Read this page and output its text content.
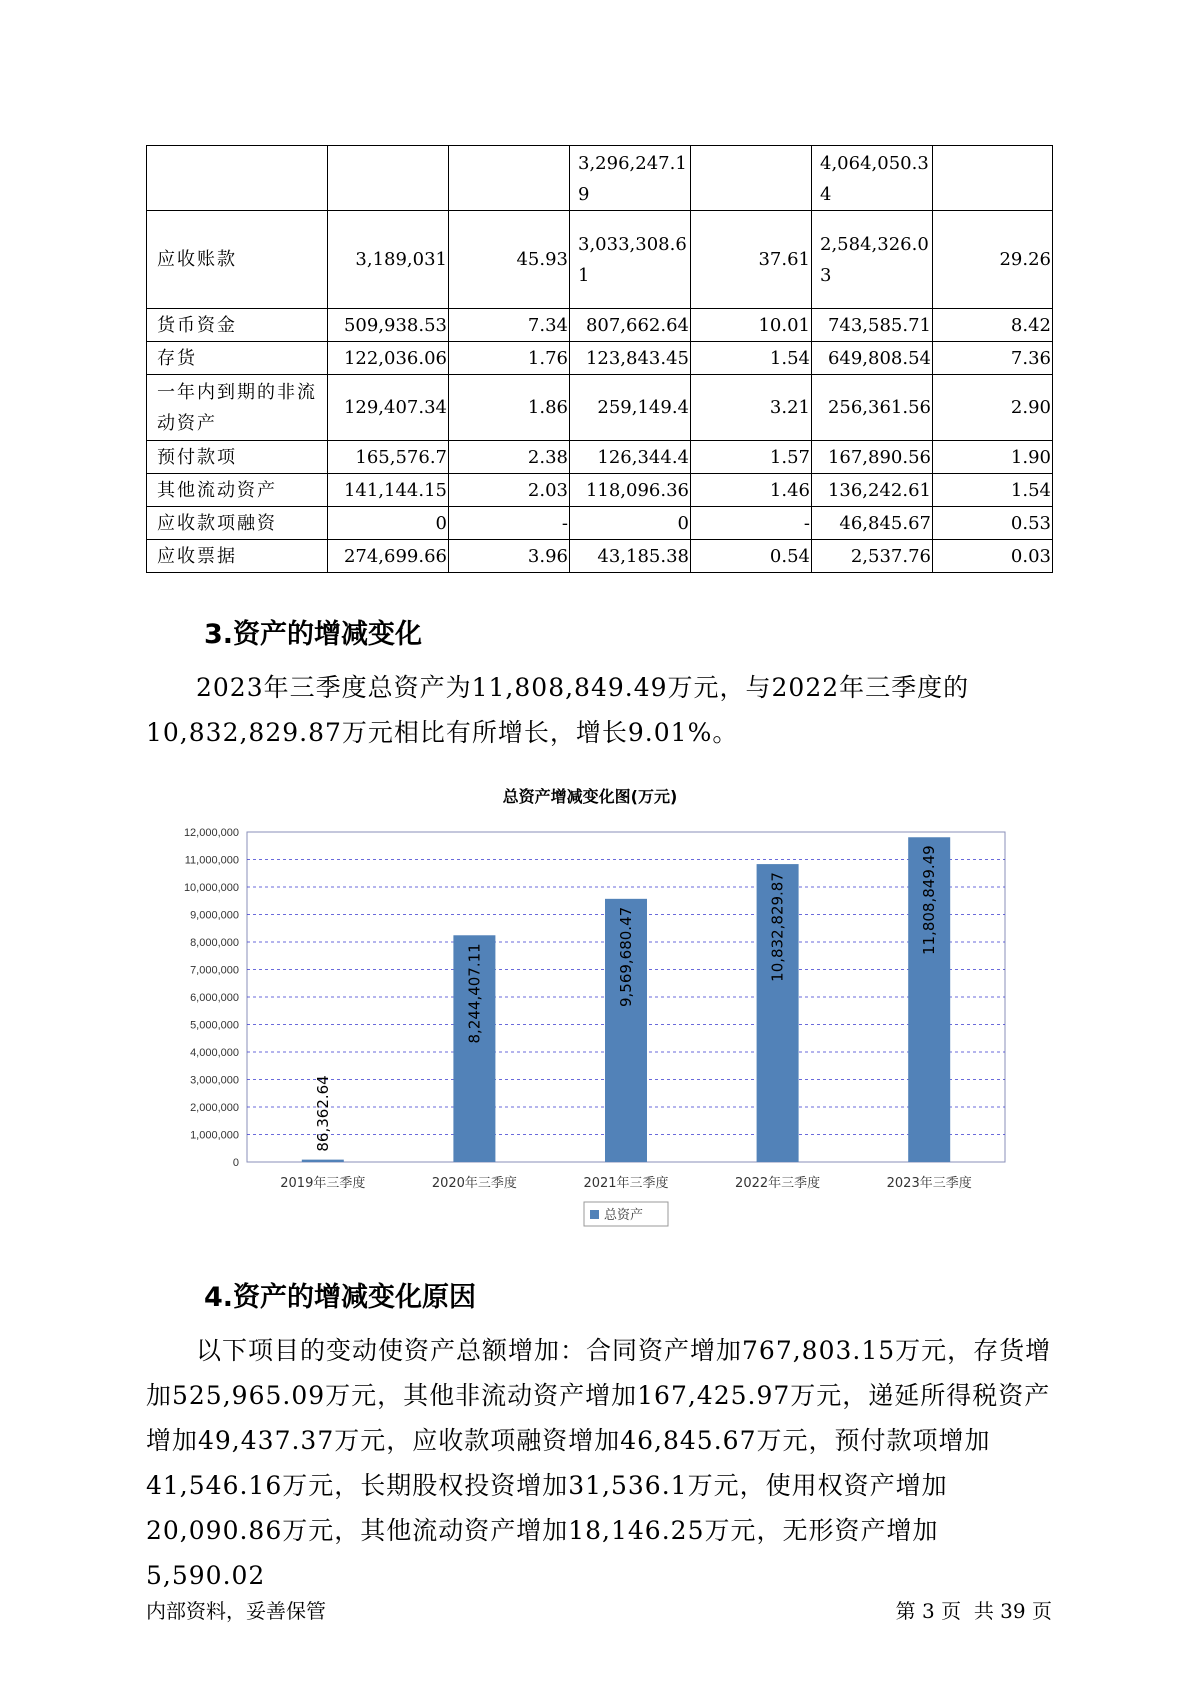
			3,296,247.19		4,064,050.34	
应收账款	3,189,031	45.93	3,033,308.61	37.61	2,584,326.03	29.26
货币资金	509,938.53	7.34	807,662.64	10.01	743,585.71	8.42
存货	122,036.06	1.76	123,843.45	1.54	649,808.54	7.36
一年内到期的非流动资产	129,407.34	1.86	259,149.4	3.21	256,361.56	2.90
预付款项	165,576.7	2.38	126,344.4	1.57	167,890.56	1.90
其他流动资产	141,144.15	2.03	118,096.36	1.46	136,242.61	1.54
应收款项融资	0	-	0	-	46,845.67	0.53
应收票据	274,699.66	3.96	43,185.38	0.54	2,537.76	0.03
3.资产的增减变化

2023年三季度总资产为11,808,849.49万元，与2022年三季度的10,832,829.87万元相比有所增长，增长9.01%。

总资产增减变化图(万元)
0
1,000,000
2,000,000
3,000,000
4,000,000
5,000,000
6,000,000
7,000,000
8,000,000
9,000,000
10,000,000
11,000,000
12,000,000
86,362.64
8,244,407.11	9,569,680.47	10,832,829.87	11,808,849.49
2019年三季度	2020年三季度	2021年三季度	2022年三季度	2023年三季度
总资产
4.资产的增减变化原因

以下项目的变动使资产总额增加：合同资产增加767,803.15万元，存货增加525,965.09万元，其他非流动资产增加167,425.97万元，递延所得税资产增加49,437.37万元，应收款项融资增加46,845.67万元，预付款项增加41,546.16万元，长期股权投资增加31,536.1万元，使用权资产增加20,090.86万元，其他流动资产增加18,146.25万元，无形资产增加5,590.02

内部资料，妥善保管	第 3 页  共 39 页
